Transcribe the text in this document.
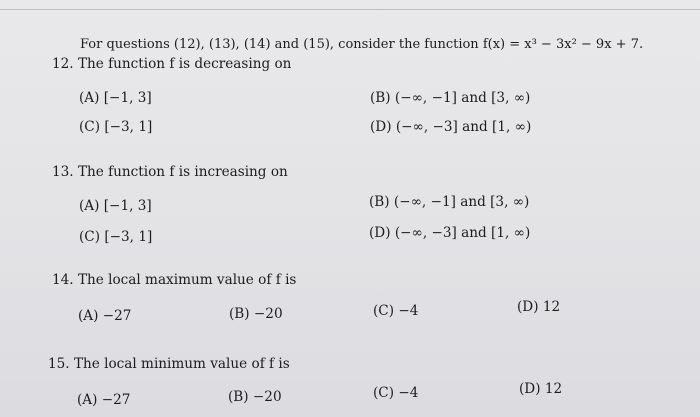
For questions (12), (13), (14) and (15), consider the function f(x) = x³ − 3x² − 9x + 7.
12. The function f is decreasing on
(A) [−1, 3]	(B) (−∞, −1] and [3, ∞)
(C) [−3, 1]	(D) (−∞, −3] and [1, ∞)
13. The function f is increasing on
(A) [−1, 3]	(B) (−∞, −1] and [3, ∞)
(C) [−3, 1]	(D) (−∞, −3] and [1, ∞)
14. The local maximum value of f is
(A) −27	(B) −20	(C) −4	(D) 12
15. The local minimum value of f is
(A) −27	(B) −20	(C) −4	(D) 12
